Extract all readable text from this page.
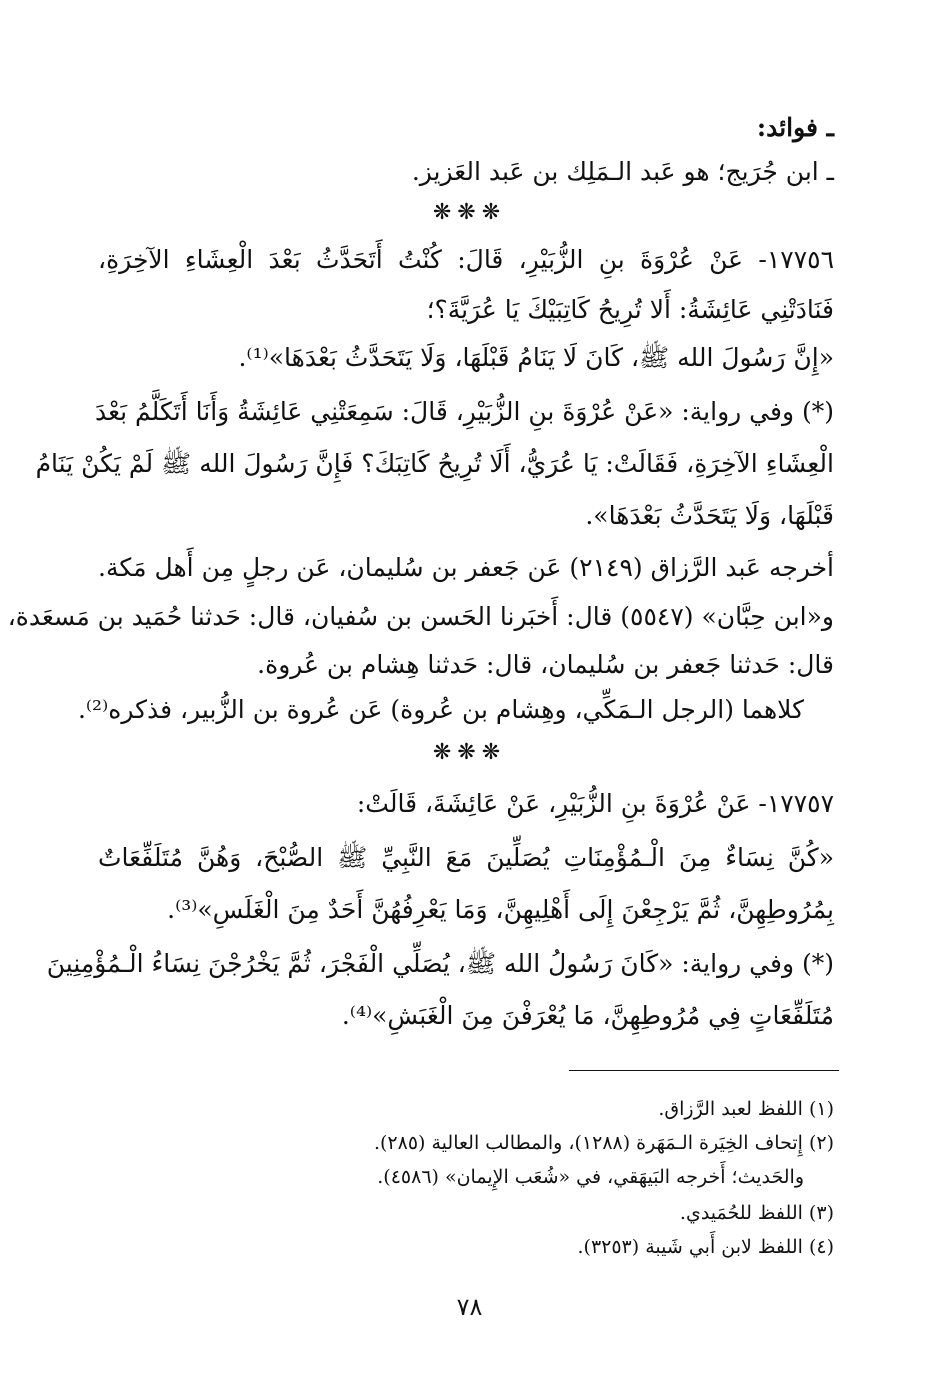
ـ فوائد:
ـ ابن جُرَيج؛ هو عَبد الـمَلِك بن عَبد العَزيز.
❋❋❋
١٧٧٥٦- عَنْ عُرْوَةَ بنِ الزُّبَيْرِ، قَالَ: كُنْتُ أَتَحَدَّثُ بَعْدَ الْعِشَاءِ الآخِرَةِ،
فَنَادَتْنِي عَائِشَةُ: أَلا تُرِيحُ كَاتِبَيْكَ يَا عُرَيَّةَ؟؛
«إِنَّ رَسُولَ الله ﷺ، كَانَ لَا يَنَامُ قَبْلَهَا، وَلَا يَتَحَدَّثُ بَعْدَهَا»⁽¹⁾.
(*) وفي رواية: «عَنْ عُرْوَةَ بنِ الزُّبَيْرِ، قَالَ: سَمِعَتْنِي عَائِشَةُ وَأَنَا أَتَكَلَّمُ بَعْدَ
الْعِشَاءِ الآخِرَةِ، فَقَالَتْ: يَا عُرَيُّ، أَلَا تُرِيحُ كَاتِبَكَ؟ فَإِنَّ رَسُولَ الله ﷺ لَمْ يَكُنْ يَنَامُ
قَبْلَهَا، وَلَا يَتَحَدَّثُ بَعْدَهَا».
أخرجه عَبد الرَّزاق (٢١٤٩) عَن جَعفر بن سُليمان، عَن رجلٍ مِن أَهل مَكة.
و«ابن حِبَّان» (٥٥٤٧) قال: أَخبَرنا الحَسن بن سُفيان، قال: حَدثنا حُمَيد بن مَسعَدة،
قال: حَدثنا جَعفر بن سُليمان، قال: حَدثنا هِشام بن عُروة.
كلاهما (الرجل الـمَكِّي، وهِشام بن عُروة) عَن عُروة بن الزُّبير، فذكره⁽²⁾.
❋❋❋
١٧٧٥٧- عَنْ عُرْوَةَ بنِ الزُّبَيْرِ، عَنْ عَائِشَةَ، قَالَتْ:
«كُنَّ نِسَاءٌ مِنَ الْـمُؤْمِنَاتِ يُصَلِّينَ مَعَ النَّبِيِّ ﷺ الصُّبْحَ، وَهُنَّ مُتَلَفِّعَاتٌ
بِمُرُوطِهِنَّ، ثُمَّ يَرْجِعْنَ إِلَى أَهْلِيهِنَّ، وَمَا يَعْرِفُهُنَّ أَحَدٌ مِنَ الْغَلَسِ»⁽³⁾.
(*) وفي رواية: «كَانَ رَسُولُ الله ﷺ، يُصَلِّي الْفَجْرَ، ثُمَّ يَخْرُجْنَ نِسَاءُ الْـمُؤْمِنِينَ
مُتَلَفِّعَاتٍ فِي مُرُوطِهِنَّ، مَا يُعْرَفْنَ مِنَ الْغَبَشِ»⁽⁴⁾.
(١) اللفظ لعبد الرَّزاق.
(٢) إِتحاف الخِيَرة الـمَهَرة (١٢٨٨)، والمطالب العالية (٢٨٥).
والحَديث؛ أَخرجه البَيهَقي، في «شُعَب الإِيمان» (٤٥٨٦).
(٣) اللفظ للحُمَيدي.
(٤) اللفظ لابن أَبي شَيبة (٣٢٥٣).
٧٨
